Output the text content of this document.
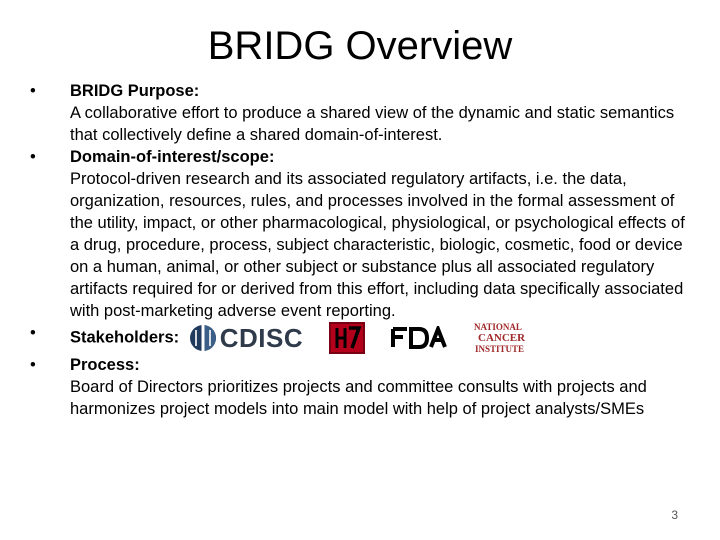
BRIDG Overview
•	BRIDG Purpose:
A collaborative effort to produce a shared view of the dynamic and static semantics that collectively define a shared domain-of-interest.
•	Domain-of-interest/scope:
Protocol-driven research and its associated regulatory artifacts, i.e. the data, organization, resources, rules, and processes involved in the formal assessment of the utility, impact, or other pharmacological, physiological, or psychological effects of a drug, procedure, process, subject characteristic, biologic, cosmetic, food or device on a human, animal, or other subject or substance plus all associated regulatory artifacts required for or derived from this effort, including data specifically associated with post-marketing adverse event reporting.
•	Stakeholders: CDISC	NATIONAL
CANCER
INSTITUTE
•	Process:
Board of Directors prioritizes projects and committee consults with projects and harmonizes project models into main model with help of project analysts/SMEs
3
